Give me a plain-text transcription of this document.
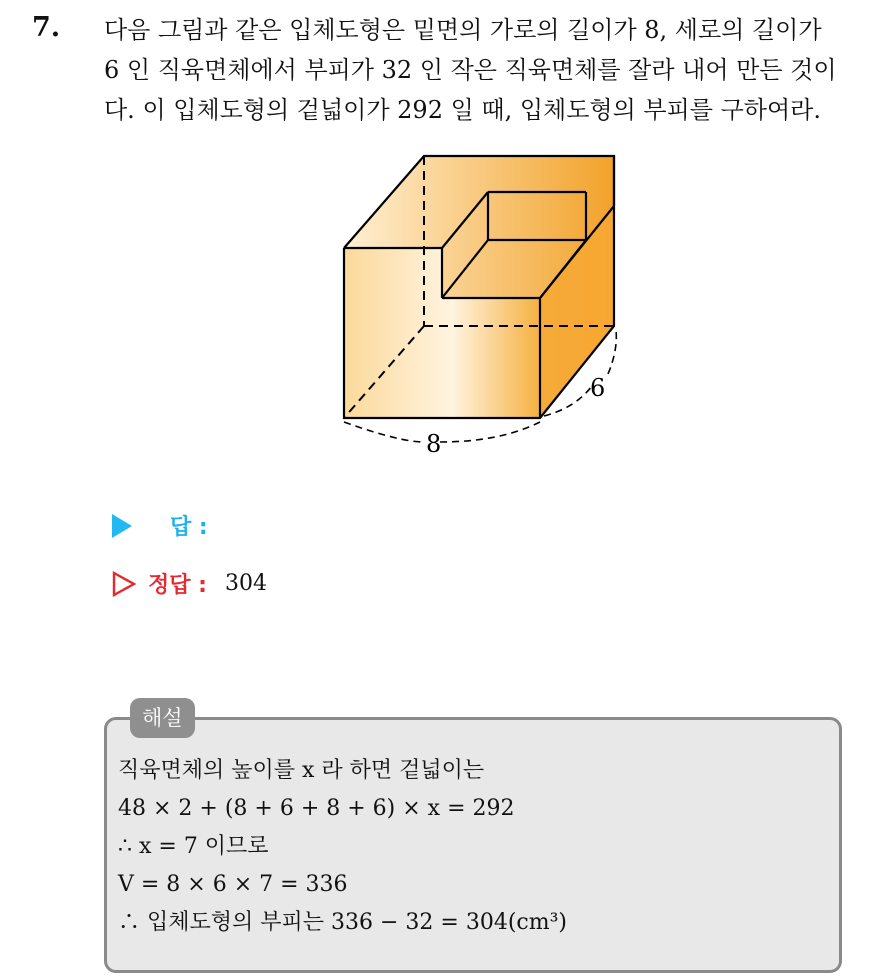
7. 다음 그림과 같은 입체도형은 밑면의 가로의 길이가 8, 세로의 길이가
6 인 직육면체에서 부피가 32 인 작은 직육면체를 잘라 내어 만든 것이
다. 이 입체도형의 겉넓이가 292 일 때, 입체도형의 부피를 구하여라.
8
6
답 :
정답 : 304
해설
직육면체의 높이를 x 라 하면 겉넓이는
48 × 2 + (8 + 6 + 8 + 6) × x = 292
∴ x = 7 이므로
V = 8 × 6 × 7 = 336
∴ 입체도형의 부피는 336 − 32 = 304(cm³)
